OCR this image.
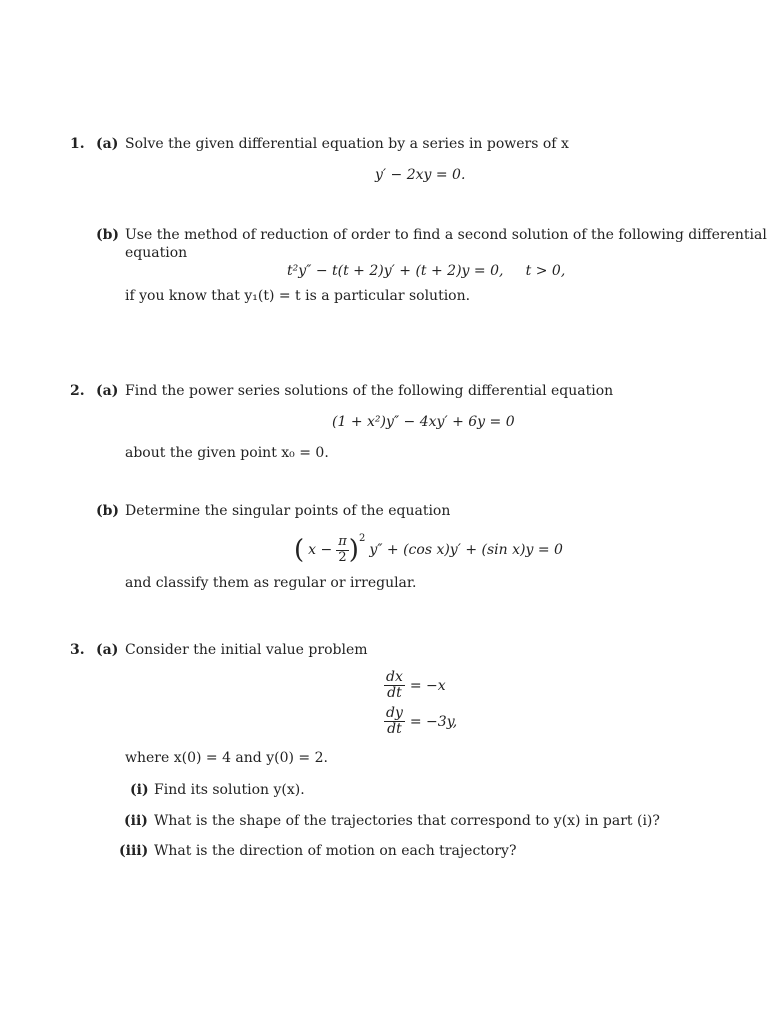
1. (a) Solve the given differential equation by a series in powers of x
y′ − 2xy = 0.
(b) Use the method of reduction of order to find a second solution of the following differential
equation
t²y″ − t(t + 2)y′ + (t + 2)y = 0,     t > 0,
if you know that y₁(t) = t is a particular solution.
2. (a) Find the power series solutions of the following differential equation
(1 + x²)y″ − 4xy′ + 6y = 0
about the given point x₀ = 0.
(b) Determine the singular points of the equation
( $x - \frac{\pi}{2}$ ) 2
y″ + (cos x)y′ + (sin x)y = 0
and classify them as regular or irregular.
3. (a) Consider the initial value problem
$\frac{dx}{dt} = -x$
$\frac{dy}{dt} = -3y$,
where x(0) = 4 and y(0) = 2.
(i) Find its solution y(x).
(ii) What is the shape of the trajectories that correspond to y(x) in part (i)?
(iii) What is the direction of motion on each trajectory?
